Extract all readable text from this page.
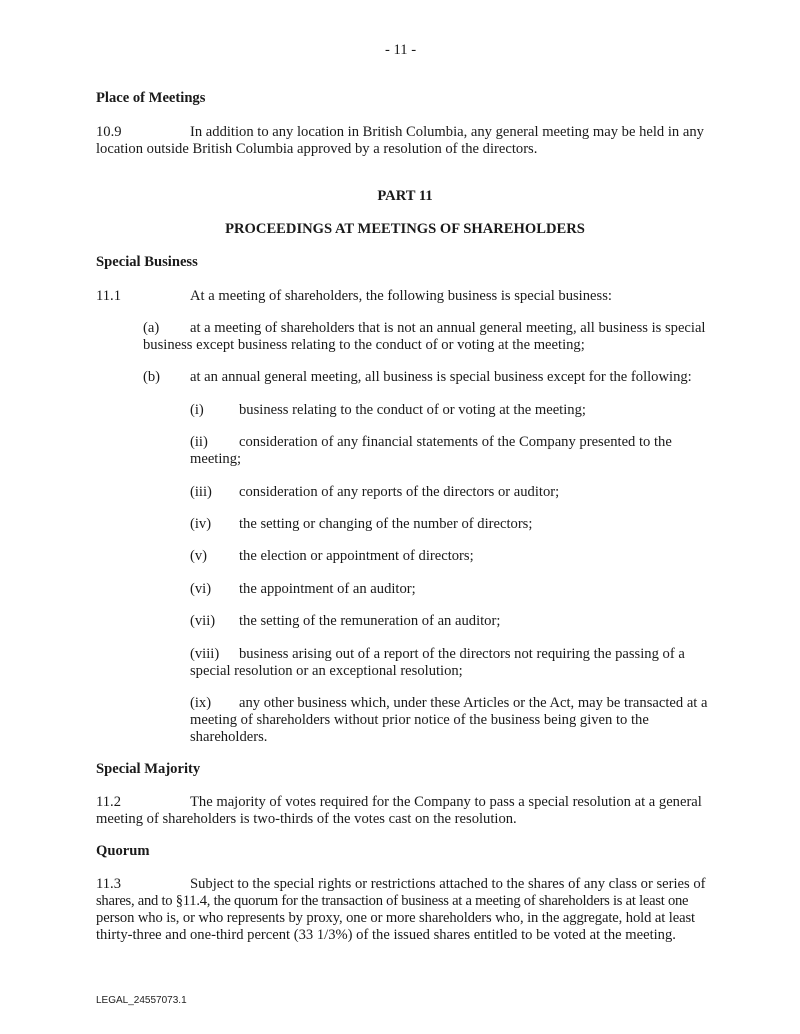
- 11 -
Place of Meetings
10.9	In addition to any location in British Columbia, any general meeting may be held in any
location outside British Columbia approved by a resolution of the directors.
PART 11
PROCEEDINGS AT MEETINGS OF SHAREHOLDERS
Special Business
11.1	At a meeting of shareholders, the following business is special business:
(a) at a meeting of shareholders that is not an annual general meeting, all business is special
business except business relating to the conduct of or voting at the meeting;
(b) at an annual general meeting, all business is special business except for the following:
(i) business relating to the conduct of or voting at the meeting;
(ii) consideration of any financial statements of the Company presented to the
meeting;
(iii) consideration of any reports of the directors or auditor;
(iv) the setting or changing of the number of directors;
(v) the election or appointment of directors;
(vi) the appointment of an auditor;
(vii) the setting of the remuneration of an auditor;
(viii) business arising out of a report of the directors not requiring the passing of a
special resolution or an exceptional resolution;
(ix) any other business which, under these Articles or the Act, may be transacted at a
meeting of shareholders without prior notice of the business being given to the
shareholders.
Special Majority
11.2	The majority of votes required for the Company to pass a special resolution at a general
meeting of shareholders is two-thirds of the votes cast on the resolution.
Quorum
11.3	Subject to the special rights or restrictions attached to the shares of any class or series of
shares, and to §11.4, the quorum for the transaction of business at a meeting of shareholders is at least one
person who is, or who represents by proxy, one or more shareholders who, in the aggregate, hold at least
thirty-three and one-third percent (33 1/3%) of the issued shares entitled to be voted at the meeting.
LEGAL_24557073.1
